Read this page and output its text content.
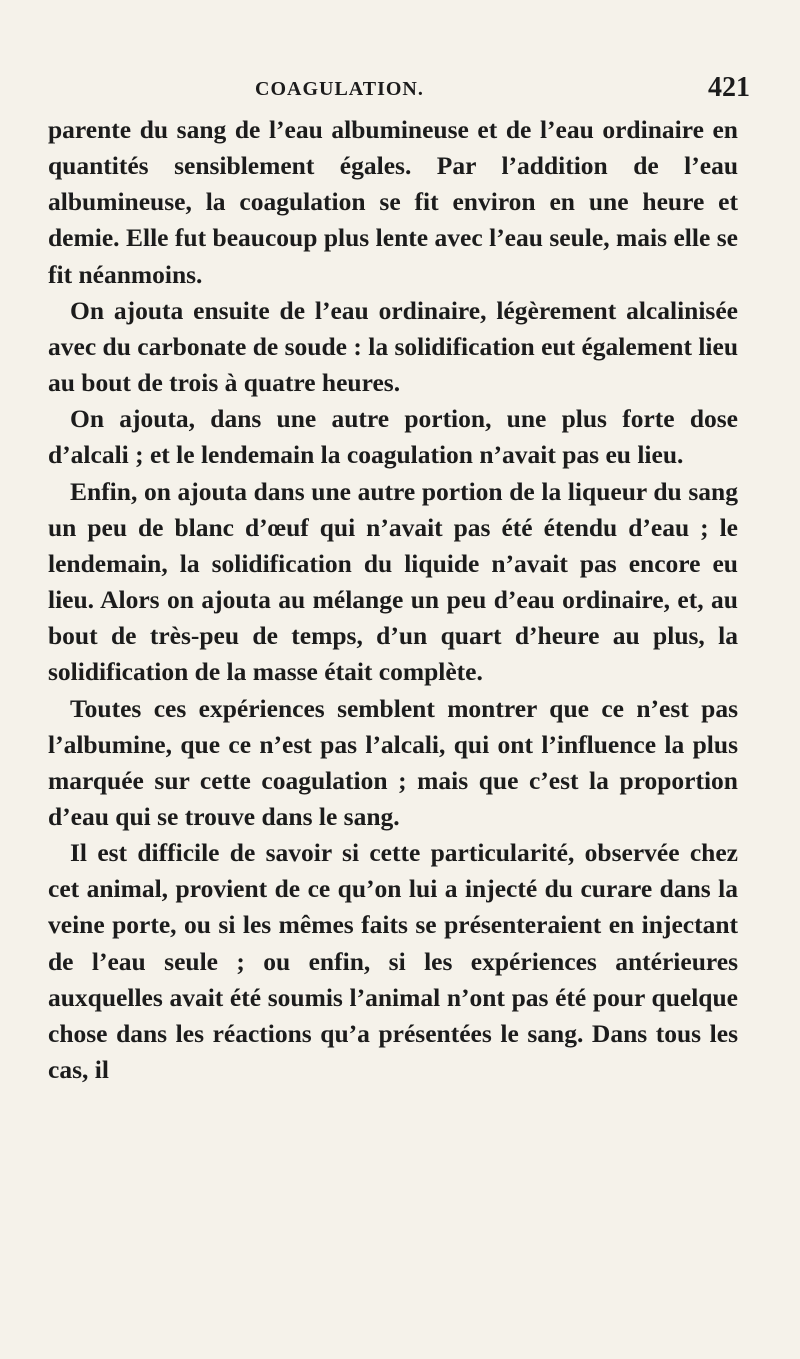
COAGULATION.	421

parente du sang de l’eau albumineuse et de l’eau ordinaire en quantités sensiblement égales. Par l’addition de l’eau albumineuse, la coagulation se fit environ en une heure et demie. Elle fut beaucoup plus lente avec l’eau seule, mais elle se fit néanmoins.

On ajouta ensuite de l’eau ordinaire, légèrement alcalinisée avec du carbonate de soude : la solidification eut également lieu au bout de trois à quatre heures.

On ajouta, dans une autre portion, une plus forte dose d’alcali ; et le lendemain la coagulation n’avait pas eu lieu.

Enfin, on ajouta dans une autre portion de la liqueur du sang un peu de blanc d’œuf qui n’avait pas été étendu d’eau ; le lendemain, la solidification du liquide n’avait pas encore eu lieu. Alors on ajouta au mélange un peu d’eau ordinaire, et, au bout de très-peu de temps, d’un quart d’heure au plus, la solidification de la masse était complète.

Toutes ces expériences semblent montrer que ce n’est pas l’albumine, que ce n’est pas l’alcali, qui ont l’influence la plus marquée sur cette coagulation ; mais que c’est la proportion d’eau qui se trouve dans le sang.

Il est difficile de savoir si cette particularité, observée chez cet animal, provient de ce qu’on lui a injecté du curare dans la veine porte, ou si les mêmes faits se présenteraient en injectant de l’eau seule ; ou enfin, si les expériences antérieures auxquelles avait été soumis l’animal n’ont pas été pour quelque chose dans les réactions qu’a présentées le sang. Dans tous les cas, il
